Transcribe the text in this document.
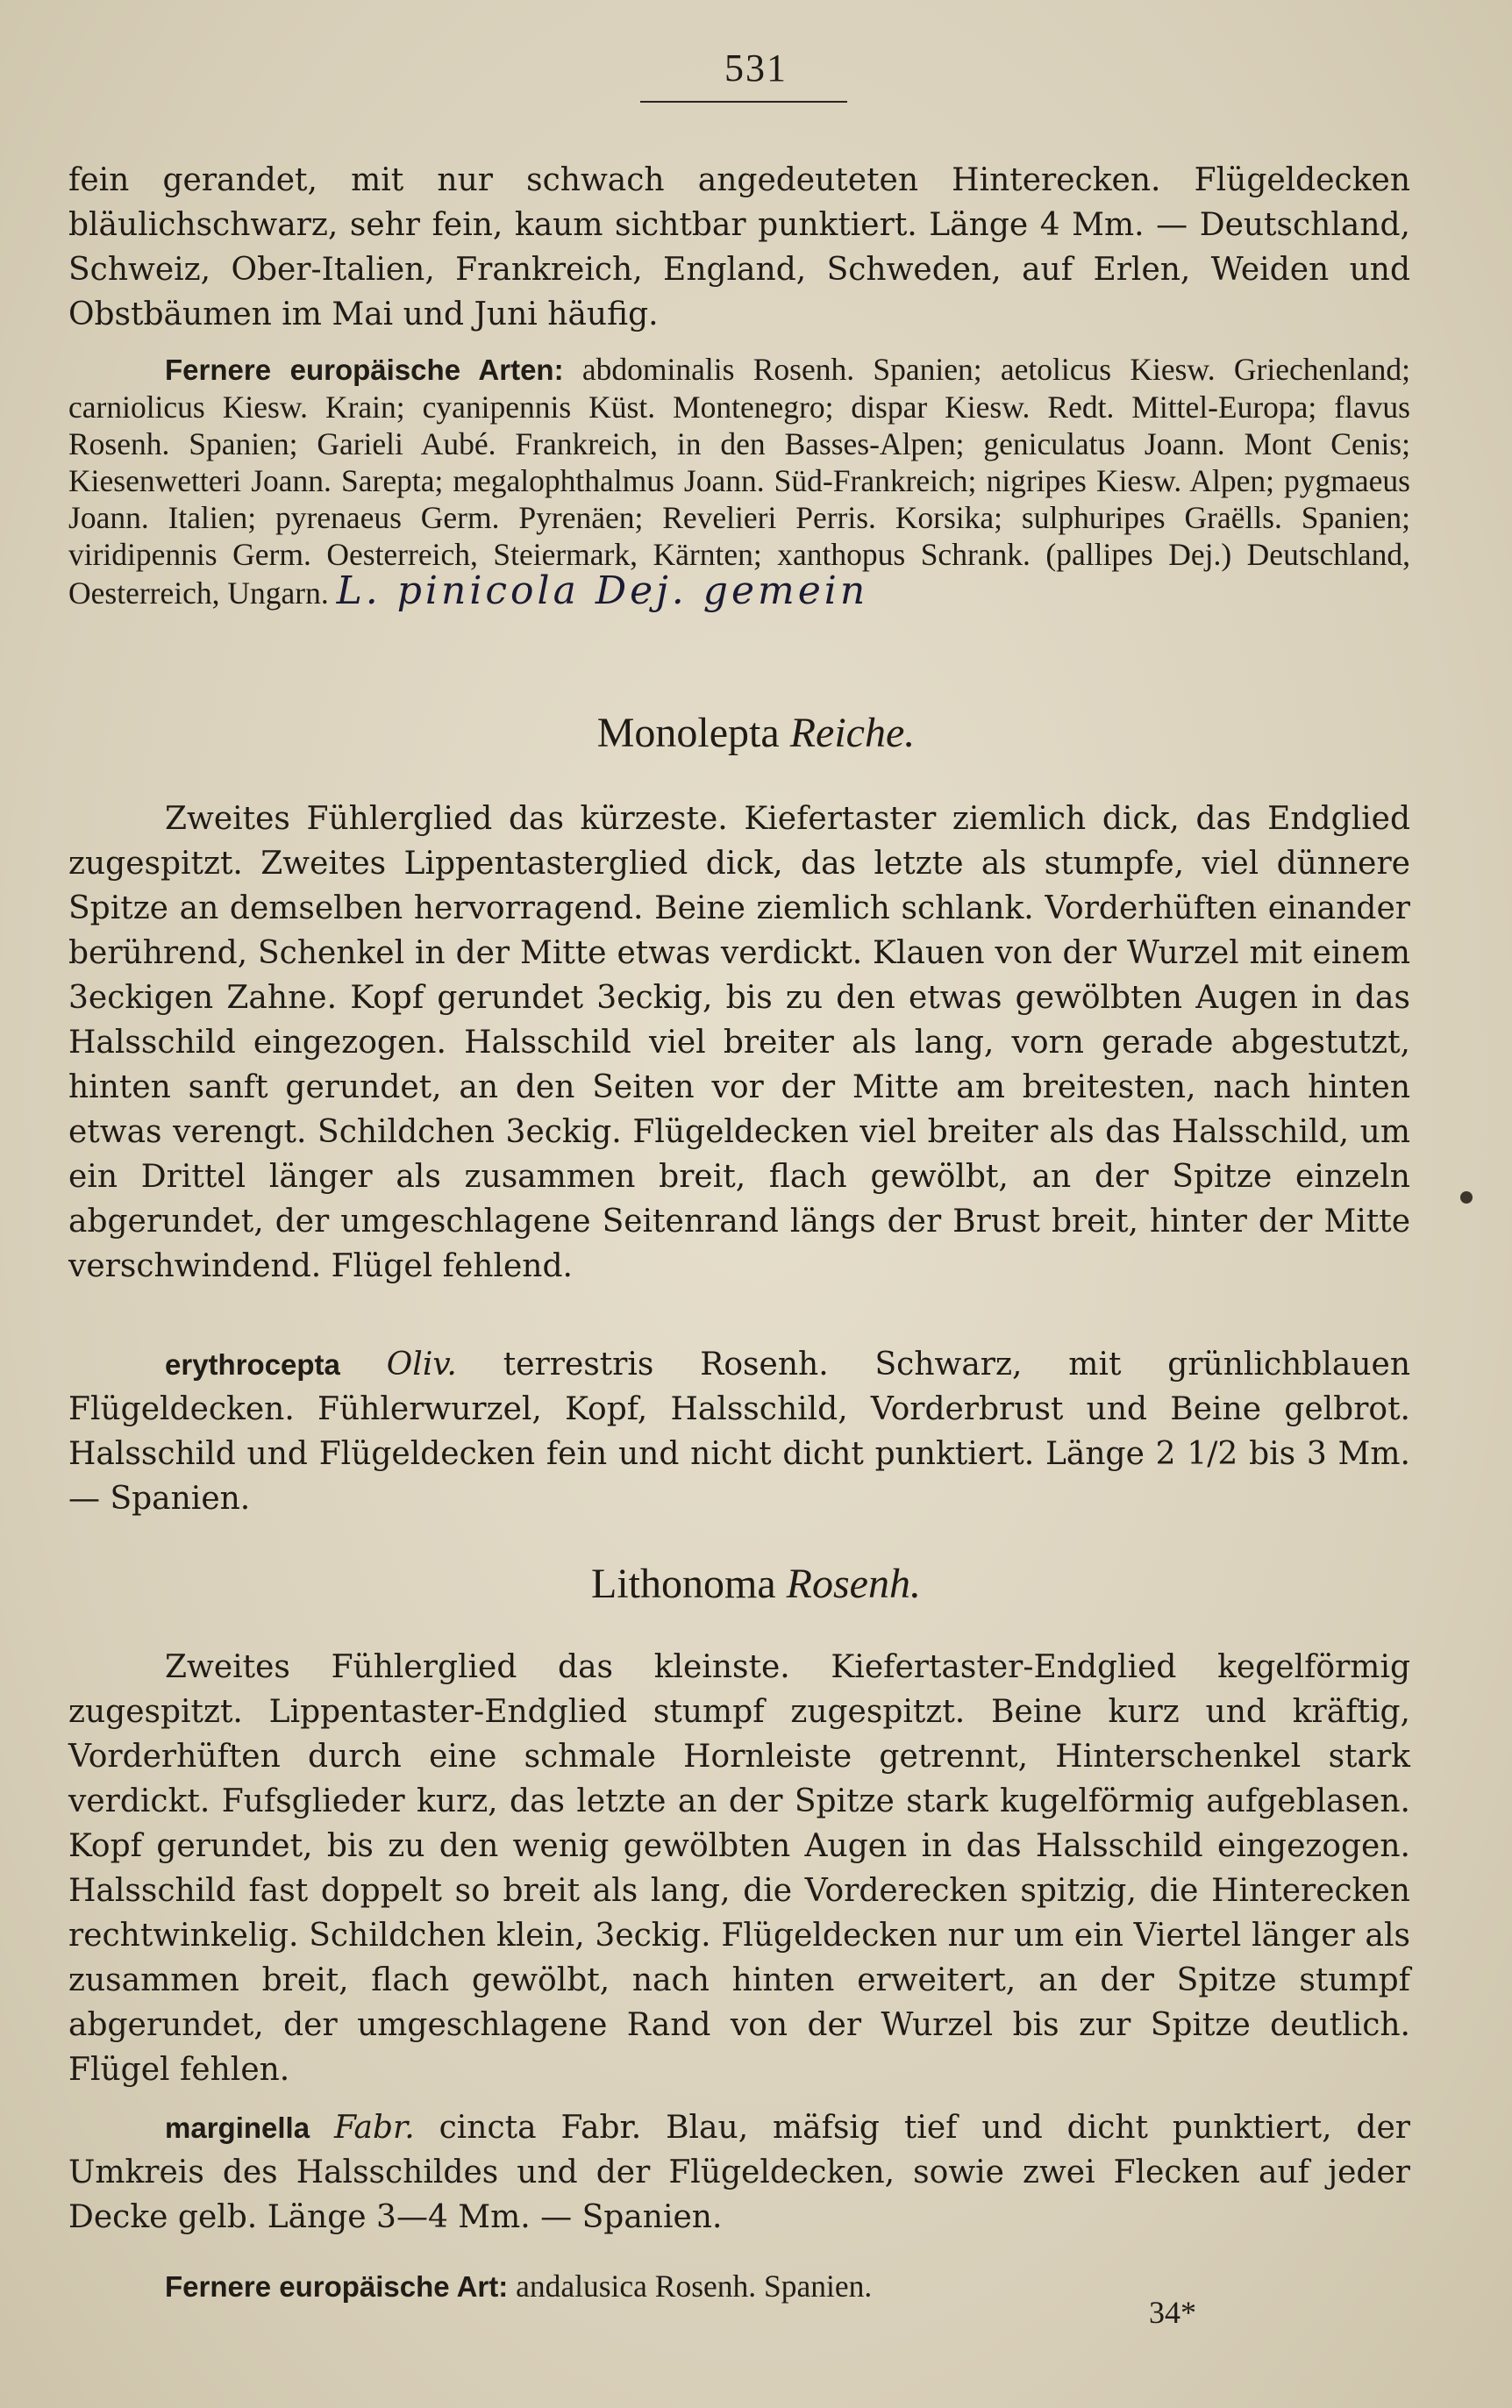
531

fein gerandet, mit nur schwach angedeuteten Hinterecken. Flügeldecken bläulichschwarz, sehr fein, kaum sichtbar punktiert. Länge 4 Mm. — Deutschland, Schweiz, Ober-Italien, Frankreich, England, Schweden, auf Erlen, Weiden und Obstbäumen im Mai und Juni häufig.

Fernere europäische Arten: abdominalis Rosenh. Spanien; aetolicus Kiesw. Griechenland; carniolicus Kiesw. Krain; cyanipennis Küst. Montenegro; dispar Kiesw. Redt. Mittel-Europa; flavus Rosenh. Spanien; Garieli Aubé. Frankreich, in den Basses-Alpen; geniculatus Joann. Mont Cenis; Kiesenwetteri Joann. Sarepta; megalophthalmus Joann. Süd-Frankreich; nigripes Kiesw. Alpen; pygmaeus Joann. Italien; pyrenaeus Germ. Pyrenäen; Revelieri Perris. Korsika; sulphuripes Graëlls. Spanien; viridipennis Germ. Oesterreich, Steiermark, Kärnten; xanthopus Schrank. (pallipes Dej.) Deutschland, Oesterreich, Ungarn. L. pinicola Dej. gemein

Monolepta Reiche.

Zweites Fühlerglied das kürzeste. Kiefertaster ziemlich dick, das Endglied zugespitzt. Zweites Lippentasterglied dick, das letzte als stumpfe, viel dünnere Spitze an demselben hervorragend. Beine ziemlich schlank. Vorderhüften einander berührend, Schenkel in der Mitte etwas verdickt. Klauen von der Wurzel mit einem 3eckigen Zahne. Kopf gerundet 3eckig, bis zu den etwas gewölbten Augen in das Halsschild eingezogen. Halsschild viel breiter als lang, vorn gerade abgestutzt, hinten sanft gerundet, an den Seiten vor der Mitte am breitesten, nach hinten etwas verengt. Schildchen 3eckig. Flügeldecken viel breiter als das Halsschild, um ein Drittel länger als zusammen breit, flach gewölbt, an der Spitze einzeln abgerundet, der umgeschlagene Seitenrand längs der Brust breit, hinter der Mitte verschwindend. Flügel fehlend.

erythrocepta Oliv. terrestris Rosenh. Schwarz, mit grünlichblauen Flügeldecken. Fühlerwurzel, Kopf, Halsschild, Vorderbrust und Beine gelbrot. Halsschild und Flügeldecken fein und nicht dicht punktiert. Länge 2 1/2 bis 3 Mm. — Spanien.

Lithonoma Rosenh.

Zweites Fühlerglied das kleinste. Kiefertaster-Endglied kegelförmig zugespitzt. Lippentaster-Endglied stumpf zugespitzt. Beine kurz und kräftig, Vorderhüften durch eine schmale Hornleiste getrennt, Hinterschenkel stark verdickt. Fufsglieder kurz, das letzte an der Spitze stark kugelförmig aufgeblasen. Kopf gerundet, bis zu den wenig gewölbten Augen in das Halsschild eingezogen. Halsschild fast doppelt so breit als lang, die Vorderecken spitzig, die Hinterecken rechtwinkelig. Schildchen klein, 3eckig. Flügeldecken nur um ein Viertel länger als zusammen breit, flach gewölbt, nach hinten erweitert, an der Spitze stumpf abgerundet, der umgeschlagene Rand von der Wurzel bis zur Spitze deutlich. Flügel fehlen.

marginella Fabr. cincta Fabr. Blau, mäfsig tief und dicht punktiert, der Umkreis des Halsschildes und der Flügeldecken, sowie zwei Flecken auf jeder Decke gelb. Länge 3—4 Mm. — Spanien.

Fernere europäische Art: andalusica Rosenh. Spanien.

34*
